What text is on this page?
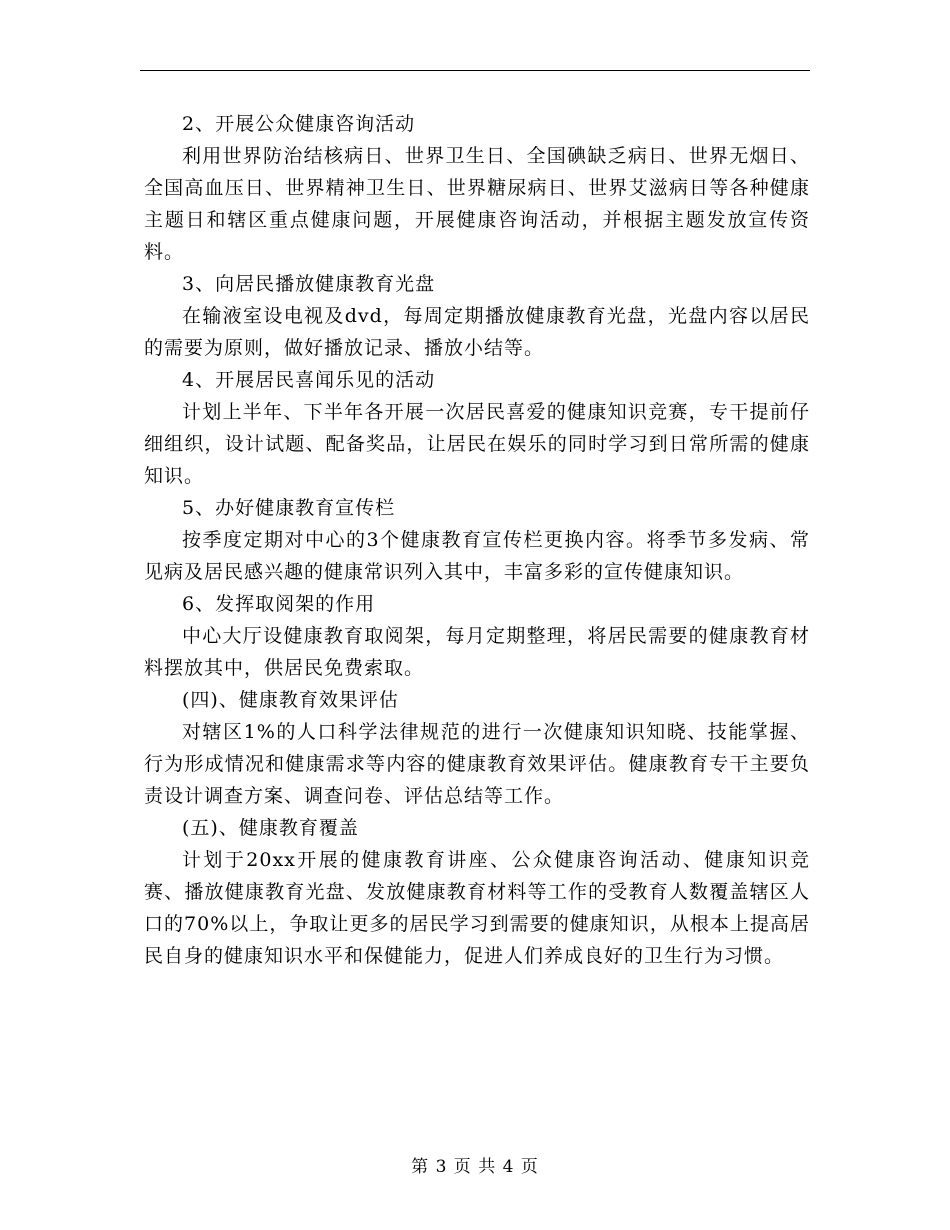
2、开展公众健康咨询活动

利用世界防治结核病日、世界卫生日、全国碘缺乏病日、世界无烟日、全国高血压日、世界精神卫生日、世界糖尿病日、世界艾滋病日等各种健康主题日和辖区重点健康问题，开展健康咨询活动，并根据主题发放宣传资料。

3、向居民播放健康教育光盘

在输液室设电视及dvd，每周定期播放健康教育光盘，光盘内容以居民的需要为原则，做好播放记录、播放小结等。

4、开展居民喜闻乐见的活动

计划上半年、下半年各开展一次居民喜爱的健康知识竞赛，专干提前仔细组织，设计试题、配备奖品，让居民在娱乐的同时学习到日常所需的健康知识。

5、办好健康教育宣传栏

按季度定期对中心的3个健康教育宣传栏更换内容。将季节多发病、常见病及居民感兴趣的健康常识列入其中，丰富多彩的宣传健康知识。

6、发挥取阅架的作用

中心大厅设健康教育取阅架，每月定期整理，将居民需要的健康教育材料摆放其中，供居民免费索取。

(四)、健康教育效果评估

对辖区1%的人口科学法律规范的进行一次健康知识知晓、技能掌握、行为形成情况和健康需求等内容的健康教育效果评估。健康教育专干主要负责设计调查方案、调查问卷、评估总结等工作。

(五)、健康教育覆盖

计划于20xx开展的健康教育讲座、公众健康咨询活动、健康知识竞赛、播放健康教育光盘、发放健康教育材料等工作的受教育人数覆盖辖区人口的70%以上，争取让更多的居民学习到需要的健康知识，从根本上提高居民自身的健康知识水平和保健能力，促进人们养成良好的卫生行为习惯。

第 3 页 共 4 页
